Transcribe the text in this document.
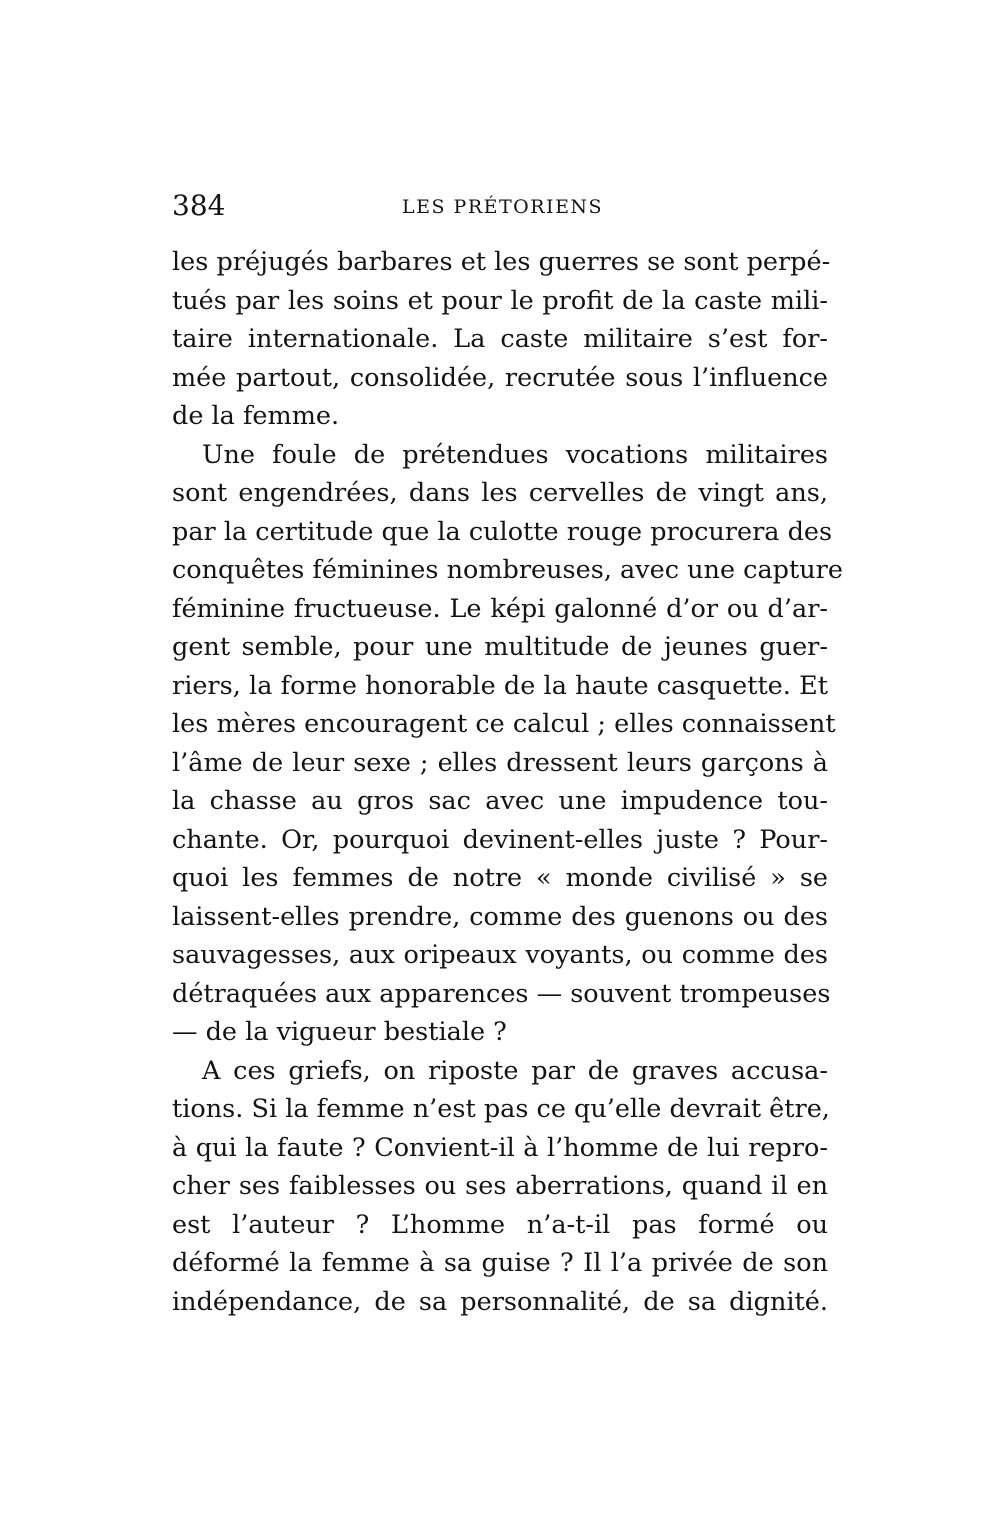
384	LES PRÉTORIENS
les préjugés barbares et les guerres se sont perpé-
tués par les soins et pour le profit de la caste mili-
taire internationale. La caste militaire s’est for-
mée partout, consolidée, recrutée sous l’influence
de la femme.
Une foule de prétendues vocations militaires
sont engendrées, dans les cervelles de vingt ans,
par la certitude que la culotte rouge procurera des
conquêtes féminines nombreuses, avec une capture
féminine fructueuse. Le képi galonné d’or ou d’ar-
gent semble, pour une multitude de jeunes guer-
riers, la forme honorable de la haute casquette. Et
les mères encouragent ce calcul ; elles connaissent
l’âme de leur sexe ; elles dressent leurs garçons à
la chasse au gros sac avec une impudence tou-
chante. Or, pourquoi devinent-elles juste ? Pour-
quoi les femmes de notre « monde civilisé » se
laissent-elles prendre, comme des guenons ou des
sauvagesses, aux oripeaux voyants, ou comme des
détraquées aux apparences — souvent trompeuses
— de la vigueur bestiale ?
A ces griefs, on riposte par de graves accusa-
tions. Si la femme n’est pas ce qu’elle devrait être,
à qui la faute ? Convient-il à l’homme de lui repro-
cher ses faiblesses ou ses aberrations, quand il en
est l’auteur ? L’homme n’a-t-il pas formé ou
déformé la femme à sa guise ? Il l’a privée de son
indépendance, de sa personnalité, de sa dignité.
